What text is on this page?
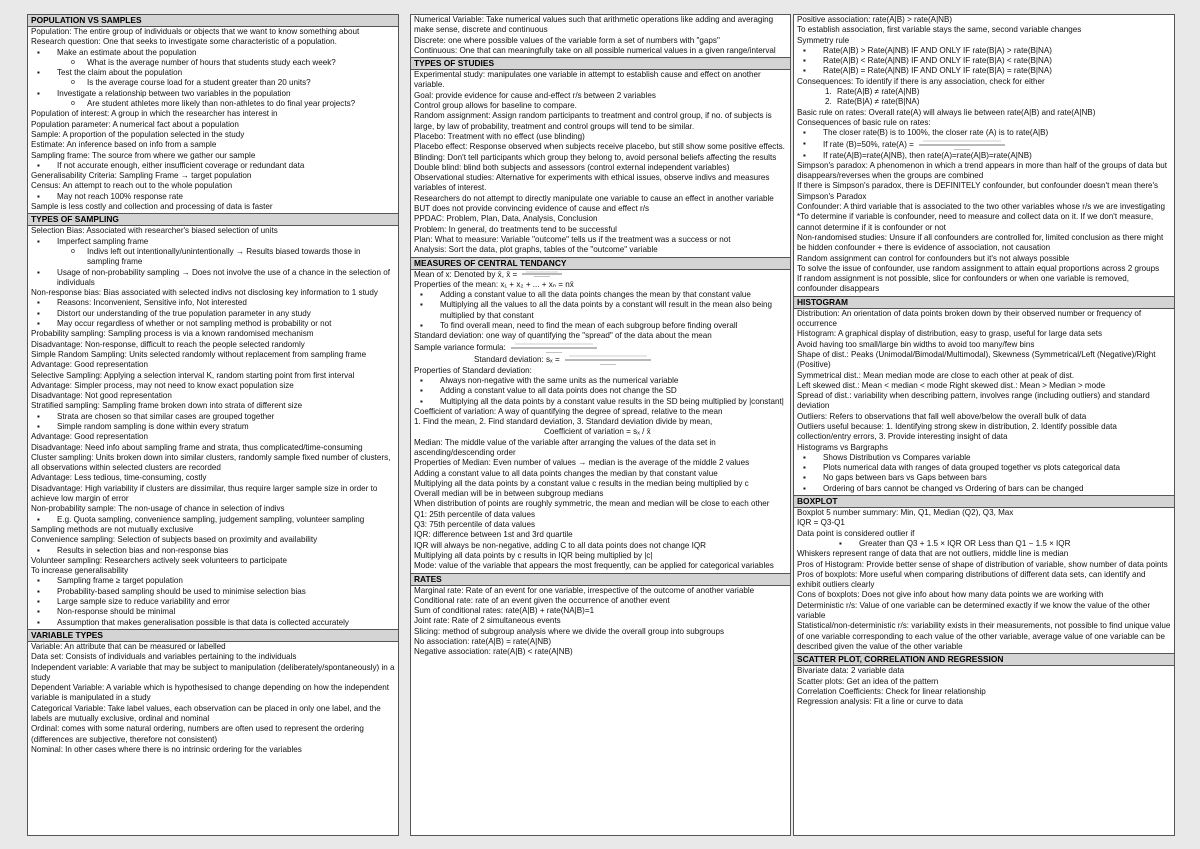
POPULATION VS SAMPLES
Population: The entire group of individuals or objects that we want to know something about
Research question: One that seeks to investigate some characteristic of a population.
▪ Make an estimate about the population
o What is the average number of hours that students study each week?
▪ Test the claim about the population
o Is the average course load for a student greater than 20 units?
▪ Investigate a relationship between two variables in the population
o Are student athletes more likely than non-athletes to do final year projects?
Population of interest: A group in which the researcher has interest in
Population parameter: A numerical fact about a population
Sample: A proportion of the population selected in the study
Estimate: An inference based on info from a sample
Sampling frame: The source from where we gather our sample
▪ If not accurate enough, either insufficient coverage or redundant data
Generalisability Criteria: Sampling Frame → target population
Census: An attempt to reach out to the whole population
▪ May not reach 100% response rate
Sample is less costly and collection and processing of data is faster
TYPES OF SAMPLING
Selection Bias: Associated with researcher's biased selection of units
▪ Imperfect sampling frame
o Indivs left out intentionally/unintentionally → Results biased towards those in sampling frame
▪ Usage of non-probability sampling → Does not involve the use of a chance in the selection of individuals
Non-response bias: Bias associated with selected indivs not disclosing key information to 1 study
▪ Reasons: Inconvenient, Sensitive info, Not interested
▪ Distort our understanding of the true population parameter in any study
▪ May occur regardless of whether or not sampling method is probability or not
Probability sampling: Sampling process is via a known randomised mechanism
Disadvantage: Non-response, difficult to reach the people selected randomly
Simple Random Sampling: Units selected randomly without replacement from sampling frame
Advantage: Good representation
Selective Sampling: Applying a selection interval K, random starting point from first interval
Advantage: Simpler process, may not need to know exact population size
Disadvantage: Not good representation
Stratified sampling: Sampling frame broken down into strata of different size
▪ Strata are chosen so that similar cases are grouped together
▪ Simple random sampling is done within every stratum
Advantage: Good representation
Disadvantage: Need info about sampling frame and strata, thus complicated/time-consuming
Cluster sampling: Units broken down into similar clusters, randomly sample fixed number of clusters, all observations within selected clusters are recorded
Advantage: Less tedious, time-consuming, costly
Disadvantage: High variability if clusters are dissimilar, thus require larger sample size in order to achieve low margin of error
Non-probability sample: The non-usage of chance in selection of indivs
▪ E.g. Quota sampling, convenience sampling, judgement sampling, volunteer sampling
Sampling methods are not mutually exclusive
Convenience sampling: Selection of subjects based on proximity and availability
▪ Results in selection bias and non-response bias
Volunteer sampling: Researchers actively seek volunteers to participate
To increase generalisability
▪ Sampling frame ≥ target population
▪ Probability-based sampling should be used to minimise selection bias
▪ Large sample size to reduce variability and error
▪ Non-response should be minimal
▪ Assumption that makes generalisation possible is that data is collected accurately
VARIABLE TYPES
Variable: An attribute that can be measured or labelled
Data set: Consists of individuals and variables pertaining to the individuals
Independent variable: A variable that may be subject to manipulation (deliberately/spontaneously) in a study
Dependent Variable: A variable which is hypothesised to change depending on how the independent variable is manipulated in a study
Categorical Variable: Take label values, each observation can be placed in only one label, and the labels are mutually exclusive, ordinal and nominal
Ordinal: comes with some natural ordering, numbers are often used to represent the ordering (differences are subjective, therefore not consistent)
Nominal: In other cases where there is no intrinsic ordering for the variables
Numerical Variable: Take numerical values such that arithmetic operations like adding and averaging make sense, discrete and continuous
Discrete: one where possible values of the variable form a set of numbers with "gaps"
Continuous: One that can meaningfully take on all possible numerical values in a given range/interval
TYPES OF STUDIES
Experimental study: manipulates one variable in attempt to establish cause and effect on another variable.
Goal: provide evidence for cause and-effect r/s between 2 variables
Control group allows for baseline to compare.
Random assignment: Assign random participants to treatment and control group, if no. of subjects is large, by law of probability, treatment and control groups will tend to be similar.
Placebo: Treatment with no effect (use blinding)
Placebo effect: Response observed when subjects receive placebo, but still show some positive effects.
Blinding: Don't tell participants which group they belong to, avoid personal beliefs affecting the results
Double blind: blind both subjects and assessors (control external independent variables)
Observational studies: Alternative for experiments with ethical issues, observe indivs and measures variables of interest.
Researchers do not attempt to directly manipulate one variable to cause an effect in another variable BUT does not provide convincing evidence of cause and effect r/s
PPDAC: Problem, Plan, Data, Analysis, Conclusion
Problem: In general, do treatments tend to be successful
Plan: What to measure: Variable "outcome" tells us if the treatment was a success or not
Analysis: Sort the data, plot graphs, tables of the "outcome" variable
MEASURES OF CENTRAL TENDANCY
Mean of x: Denoted by x̄, x̄ =
Properties of the mean: x₁ + x₂ + ... + xₙ = nx̄
▪ Adding a constant value to all the data points changes the mean by that constant value
▪ Multiplying all the values to all the data points by a constant will result in the mean also being multiplied by that constant
▪ To find overall mean, need to find the mean of each subgroup before finding overall
Standard deviation: one way of quantifying the "spread" of the data about the mean
Sample variance formula:
Standard deviation: sₓ =
Properties of Standard deviation:
▪ Always non-negative with the same units as the numerical variable
▪ Adding a constant value to all data points does not change the SD
▪ Multiplying all the data points by a constant value results in the SD being multiplied by |constant|
Coefficient of variation: A way of quantifying the degree of spread, relative to the mean
1. Find the mean, 2. Find standard deviation, 3. Standard deviation divide by mean,
Coefficient of variation = sₓ / x̄
Median: The middle value of the variable after arranging the values of the data set in ascending/descending order
Properties of Median: Even number of values → median is the average of the middle 2 values
Adding a constant value to all data points changes the median by that constant value
Multiplying all the data points by a constant value c results in the median being multiplied by c
Overall median will be in between subgroup medians
When distribution of points are roughly symmetric, the mean and median will be close to each other
Q1: 25th percentile of data values
Q3: 75th percentile of data values
IQR: difference between 1st and 3rd quartile
IQR will always be non-negative, adding C to all data points does not change IQR
Multiplying all data points by c results in IQR being multiplied by |c|
Mode: value of the variable that appears the most frequently, can be applied for categorical variables
RATES
Marginal rate: Rate of an event for one variable, irrespective of the outcome of another variable
Conditional rate: rate of an event given the occurrence of another event
Sum of conditional rates: rate(A|B) + rate(NA|B)=1
Joint rate: Rate of 2 simultaneous events
Slicing: method of subgroup analysis where we divide the overall group into subgroups
No association: rate(A|B) = rate(A|NB)
Negative association: rate(A|B) < rate(A|NB)
Positive association: rate(A|B) > rate(A|NB)
To establish association, first variable stays the same, second variable changes
Symmetry rule
▪ Rate(A|B) > Rate(A|NB) IF AND ONLY IF rate(B|A) > rate(B|NA)
▪ Rate(A|B) < Rate(A|NB) IF AND ONLY IF rate(B|A) < rate(B|NA)
▪ Rate(A|B) = Rate(A|NB) IF AND ONLY IF rate(B|A) = rate(B|NA)
Consequences: To identify if there is any association, check for either
1. Rate(A|B) ≠ rate(A|NB)
2. Rate(B|A) ≠ rate(B|NA)
Basic rule on rates: Overall rate(A) will always lie between rate(A|B) and rate(A|NB)
Consequences of basic rule on rates:
▪ The closer rate(B) is to 100%, the closer rate (A) is to rate(A|B)
▪ If rate (B)=50%, rate(A) =
▪ If rate(A|B)=rate(A|NB), then rate(A)=rate(A|B)=rate(A|NB)
Simpson's paradox: A phenomenon in which a trend appears in more than half of the groups of data but disappears/reverses when the groups are combined
If there is Simpson's paradox, there is DEFINITELY confounder, but confounder doesn't mean there's Simpson's Paradox
Confounder: A third variable that is associated to the two other variables whose r/s we are investigating
*To determine if variable is confounder, need to measure and collect data on it. If we don't measure, cannot determine if it is confounder or not
Non-randomised studies: Unsure if all confounders are controlled for, limited conclusion as there might be hidden confounder + there is evidence of association, not causation
Random assignment can control for confounders but it's not always possible
To solve the issue of confounder, use random assignment to attain equal proportions across 2 groups
If random assignment is not possible, slice for confounders or when one variable is removed, confounder disappears
HISTOGRAM
Distribution: An orientation of data points broken down by their observed number or frequency of occurrence
Histogram: A graphical display of distribution, easy to grasp, useful for large data sets
Avoid having too small/large bin widths to avoid too many/few bins
Shape of dist.: Peaks (Unimodal/Bimodal/Multimodal), Skewness (Symmetrical/Left (Negative)/Right (Positive)
Symmetrical dist.: Mean median mode are close to each other at peak of dist.
Left skewed dist.: Mean < median < mode Right skewed dist.: Mean > Median > mode
Spread of dist.: variability when describing pattern, involves range (including outliers) and standard deviation
Outliers: Refers to observations that fall well above/below the overall bulk of data
Outliers useful because: 1. Identifying strong skew in distribution, 2. Identify possible data collection/entry errors, 3. Provide interesting insight of data
Histograms vs Bargraphs
▪ Shows Distribution vs Compares variable
▪ Plots numerical data with ranges of data grouped together vs plots categorical data
▪ No gaps between bars vs Gaps between bars
▪ Ordering of bars cannot be changed vs Ordering of bars can be changed
BOXPLOT
Boxplot 5 number summary: Min, Q1, Median (Q2), Q3, Max
IQR = Q3-Q1
Data point is considered outlier if
▪ Greater than Q3 + 1.5 × IQR OR Less than Q1 − 1.5 × IQR
Whiskers represent range of data that are not outliers, middle line is median
Pros of Histogram: Provide better sense of shape of distribution of variable, show number of data points
Pros of boxplots: More useful when comparing distributions of different data sets, can identify and exhibit outliers clearly
Cons of boxplots: Does not give info about how many data points we are working with
Deterministic r/s: Value of one variable can be determined exactly if we know the value of the other variable
Statistical/non-deterministic r/s: variability exists in their measurements, not possible to find unique value of one variable corresponding to each value of the other variable, average value of one variable can be described given the value of the other variable
SCATTER PLOT, CORRELATION AND REGRESSION
Bivariate data: 2 variable data
Scatter plots: Get an idea of the pattern
Correlation Coefficients: Check for linear relationship
Regression analysis: Fit a line or curve to data
